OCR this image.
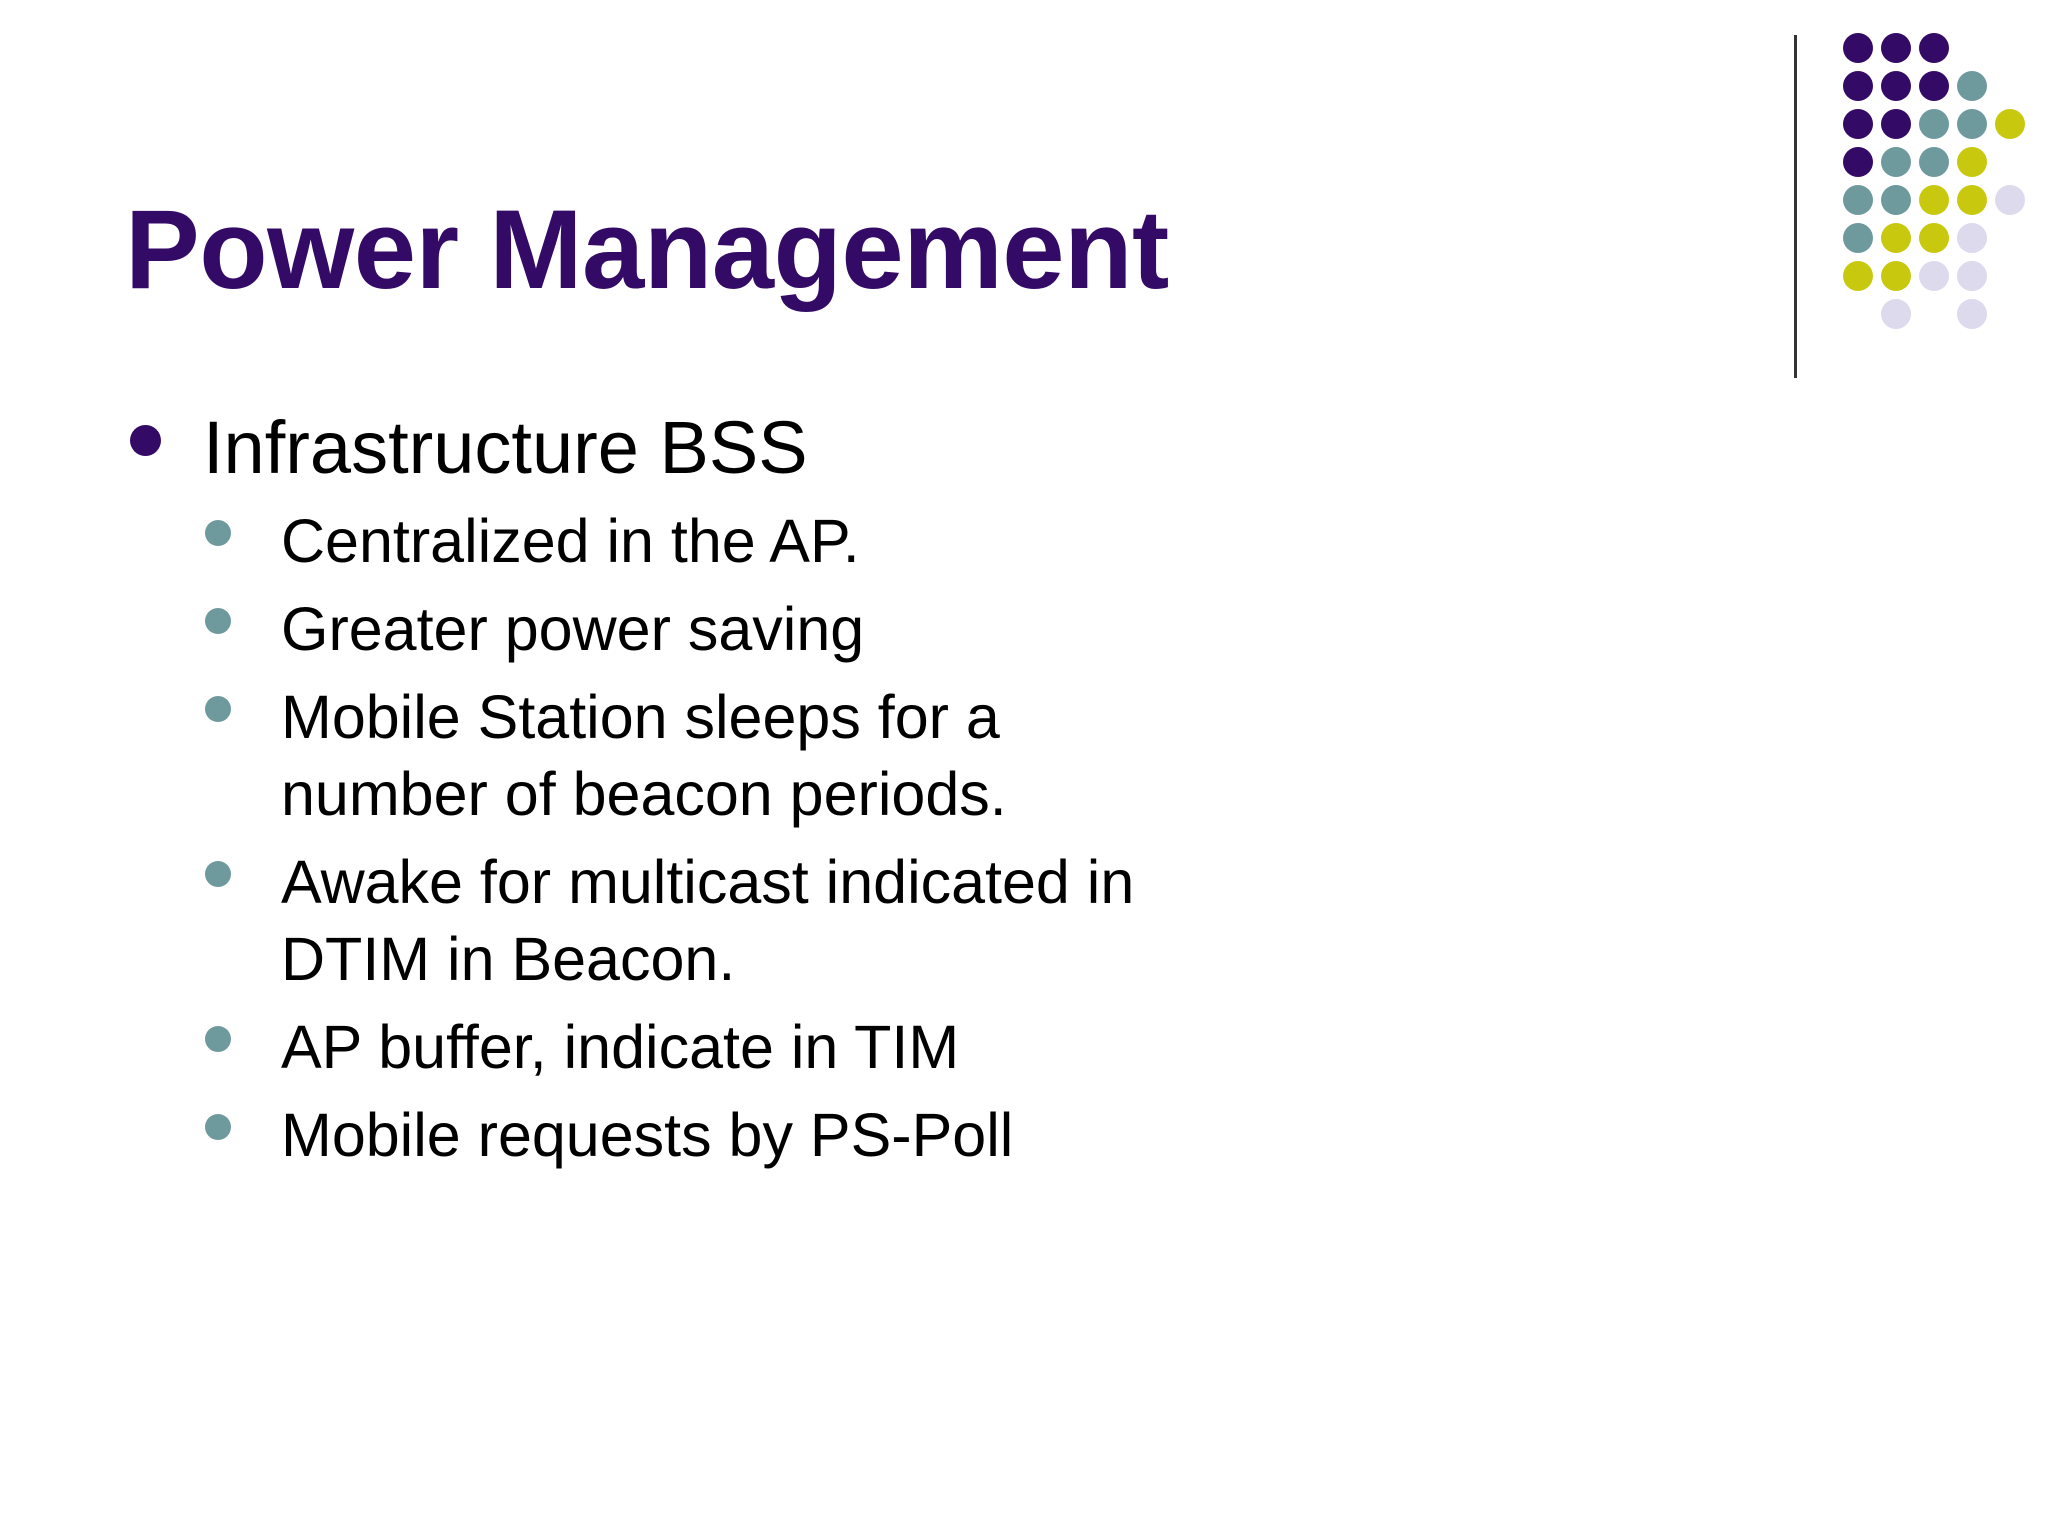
Power Management
Infrastructure BSS
Centralized in the AP.
Greater power saving
Mobile Station sleeps for a
number of beacon periods.
Awake for multicast indicated in
DTIM in Beacon.
AP buffer, indicate in TIM
Mobile requests by PS-Poll
